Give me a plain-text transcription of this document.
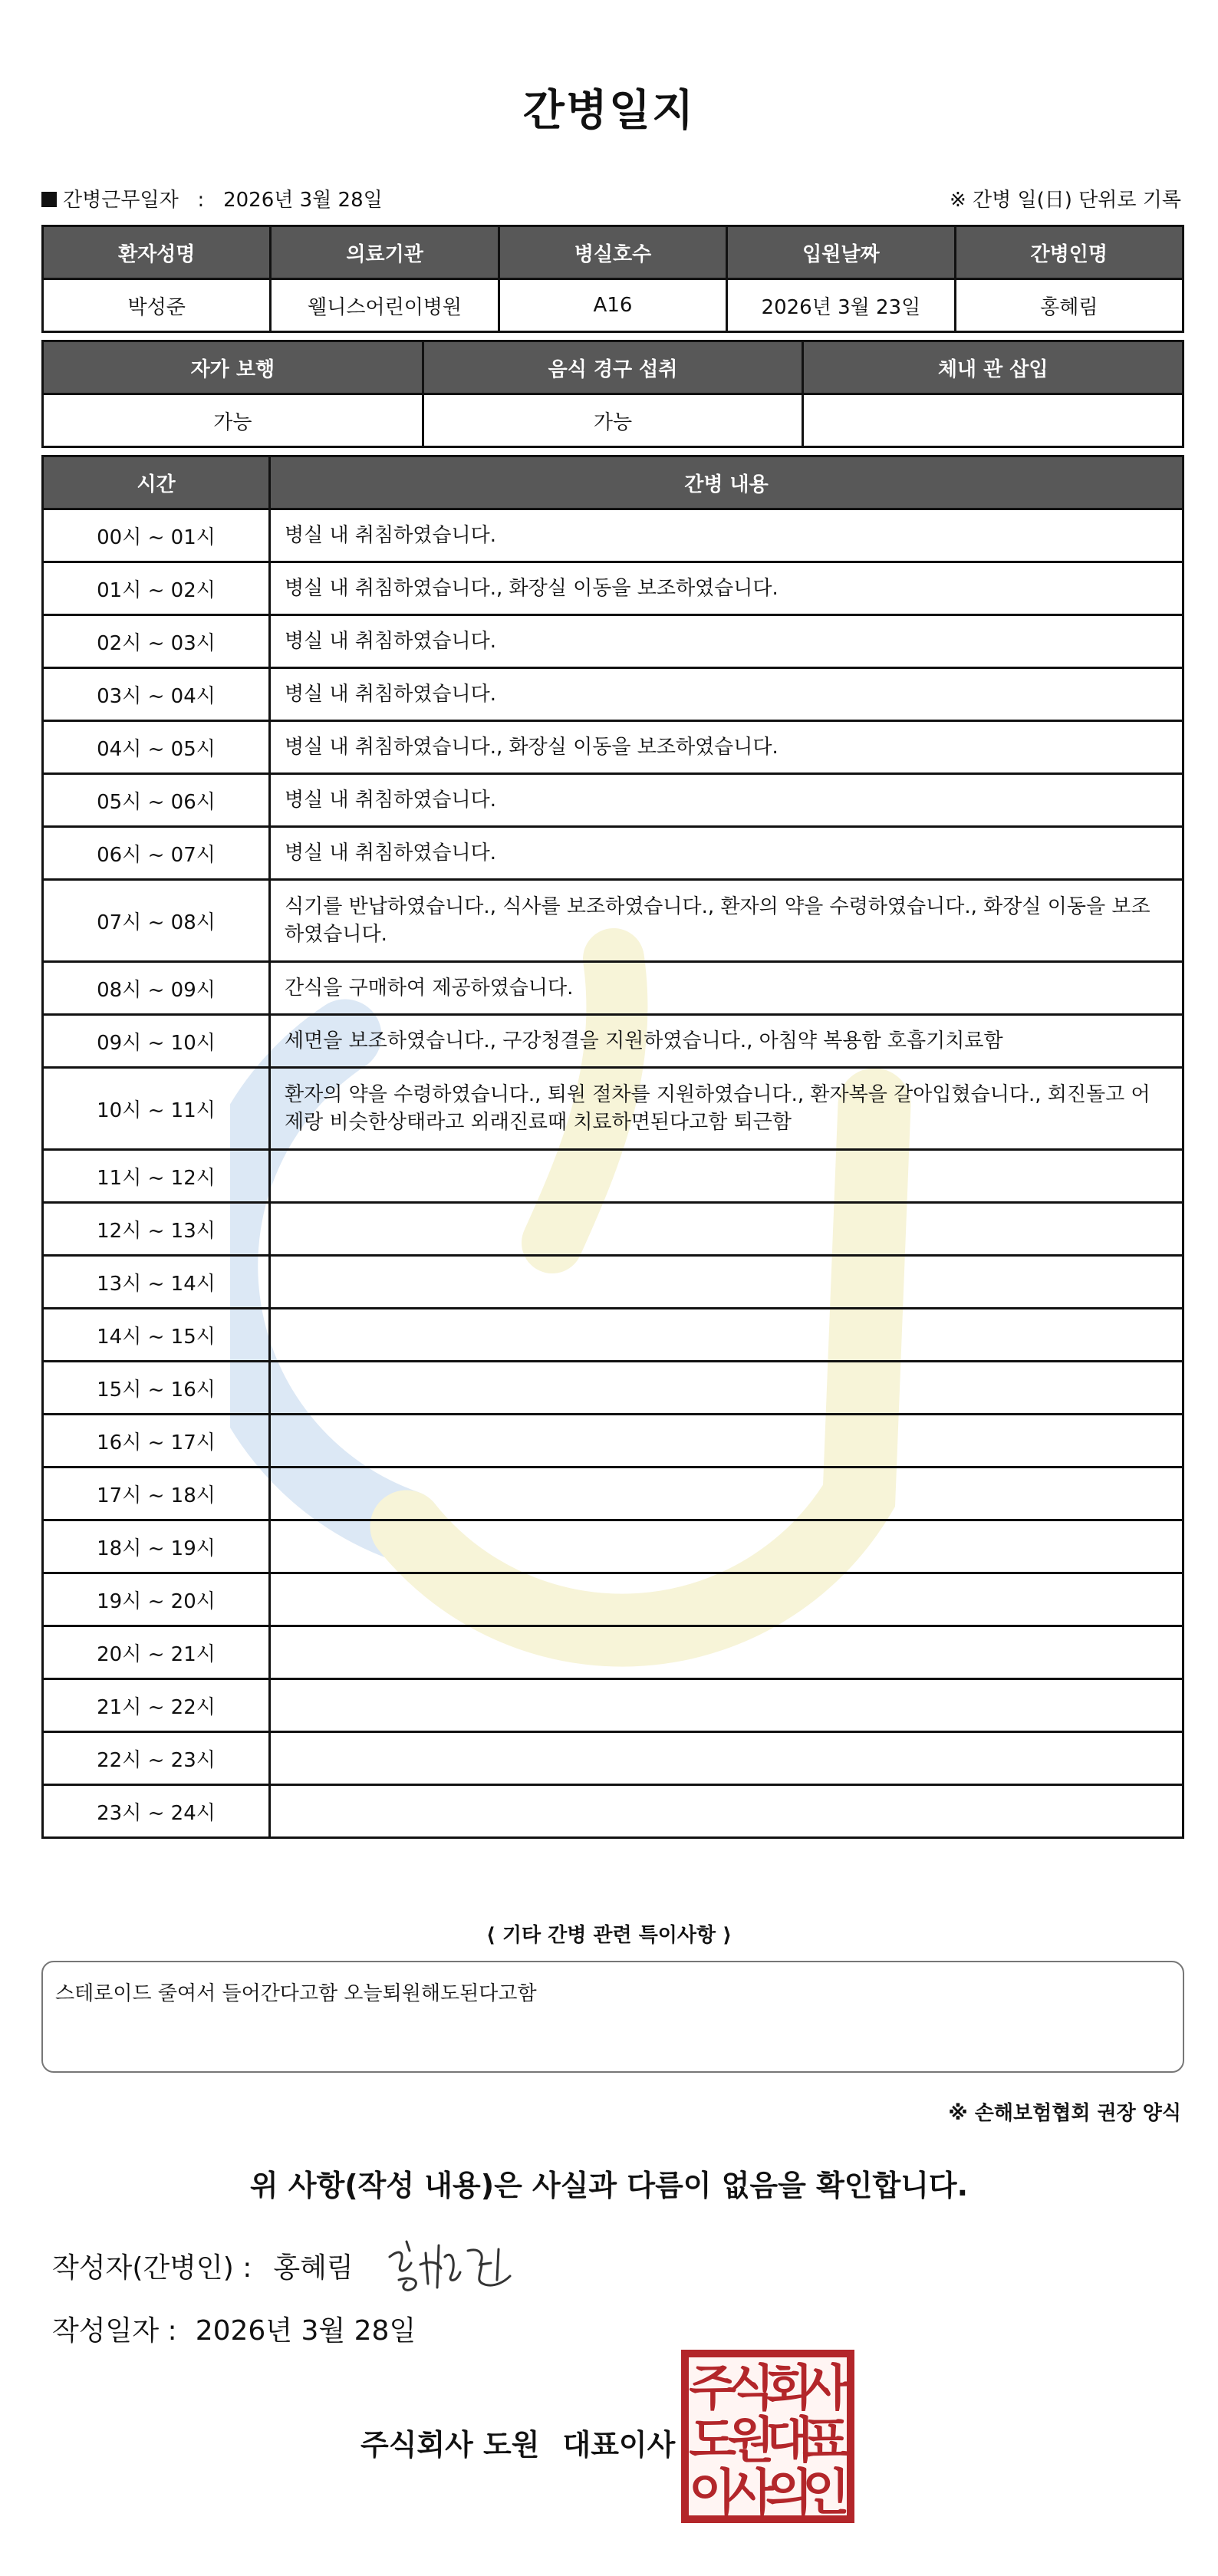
간병일지
간병근무일자 : 2026년 3월 28일	※ 간병 일(日) 단위로 기록
환자성명	의료기관	병실호수	입원날짜	간병인명
박성준	웰니스어린이병원	A16	2026년 3월 23일	홍혜림
자가 보행	음식 경구 섭취	체내 관 삽입
가능	가능	
시간	간병 내용
00시 ~ 01시	병실 내 취침하였습니다.
01시 ~ 02시	병실 내 취침하였습니다., 화장실 이동을 보조하였습니다.
02시 ~ 03시	병실 내 취침하였습니다.
03시 ~ 04시	병실 내 취침하였습니다.
04시 ~ 05시	병실 내 취침하였습니다., 화장실 이동을 보조하였습니다.
05시 ~ 06시	병실 내 취침하였습니다.
06시 ~ 07시	병실 내 취침하였습니다.
07시 ~ 08시	식기를 반납하였습니다., 식사를 보조하였습니다., 환자의 약을 수령하였습니다., 화장실 이동을 보조하였습니다.
08시 ~ 09시	간식을 구매하여 제공하였습니다.
09시 ~ 10시	세면을 보조하였습니다., 구강청결을 지원하였습니다., 아침약 복용함 호흡기치료함
10시 ~ 11시	환자의 약을 수령하였습니다., 퇴원 절차를 지원하였습니다., 환자복을 갈아입혔습니다., 회진돌고 어제랑 비슷한상태라고 외래진료때 치료하면된다고함 퇴근함
11시 ~ 12시	
12시 ~ 13시	
13시 ~ 14시	
14시 ~ 15시	
15시 ~ 16시	
16시 ~ 17시	
17시 ~ 18시	
18시 ~ 19시	
19시 ~ 20시	
20시 ~ 21시	
21시 ~ 22시	
22시 ~ 23시	
23시 ~ 24시	
⟨ 기타 간병 관련 특이사항 ⟩
스테로이드 줄여서 들어간다고함 오늘퇴원해도된다고함
※ 손해보험협회 권장 양식
위 사항(작성 내용)은 사실과 다름이 없음을 확인합니다.
작성자(간병인) : 홍혜림
작성일자 : 2026년 3월 28일
주식회사 도원 대표이사
주
식
회
사
도
원
대
표
이
사
의
인
